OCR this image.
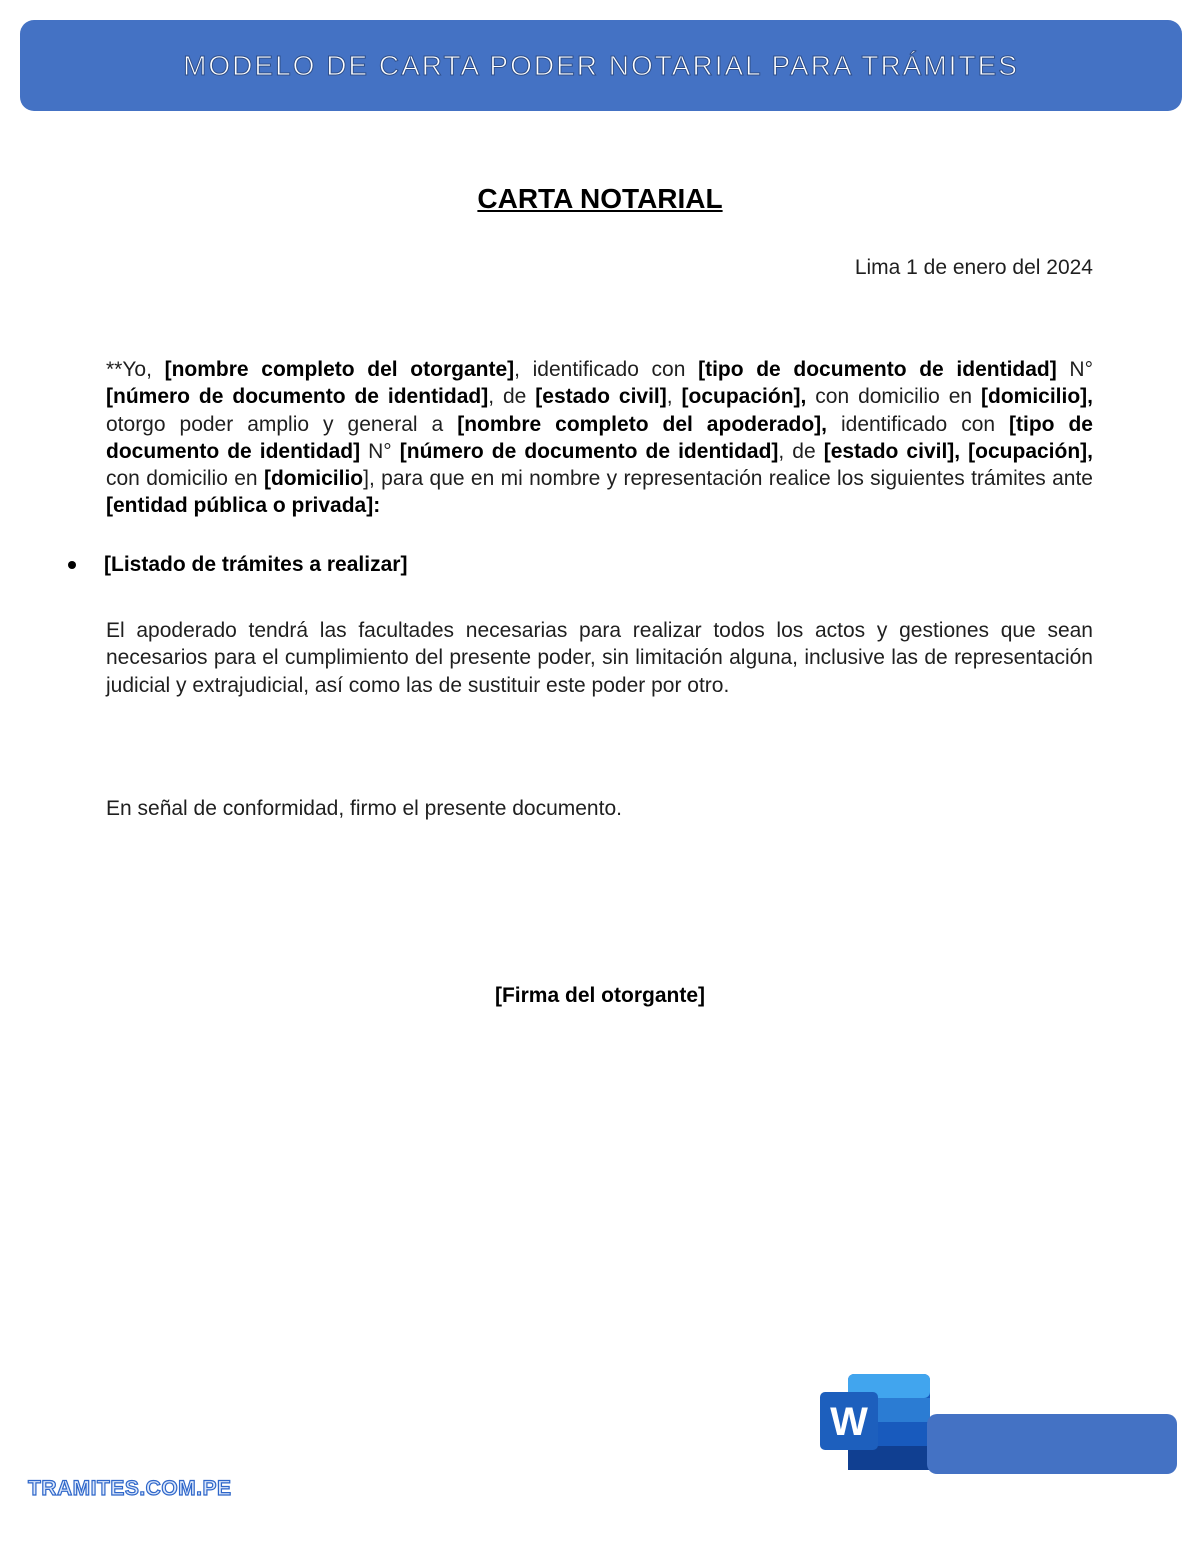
MODELO DE CARTA PODER NOTARIAL PARA TRÁMITES
CARTA NOTARIAL
Lima 1 de enero del 2024
**Yo, [nombre completo del otorgante], identificado con [tipo de documento de identidad] N° [número de documento de identidad], de [estado civil], [ocupación], con domicilio en [domicilio], otorgo poder amplio y general a [nombre completo del apoderado], identificado con [tipo de documento de identidad] N° [número de documento de identidad], de [estado civil], [ocupación], con domicilio en [domicilio], para que en mi nombre y representación realice los siguientes trámites ante [entidad pública o privada]:
[Listado de trámites a realizar]
El apoderado tendrá las facultades necesarias para realizar todos los actos y gestiones que sean necesarios para el cumplimiento del presente poder, sin limitación alguna, inclusive las de representación judicial y extrajudicial, así como las de sustituir este poder por otro.
En señal de conformidad, firmo el presente documento.
[Firma del otorgante]
W
TRAMITES.COM.PE
